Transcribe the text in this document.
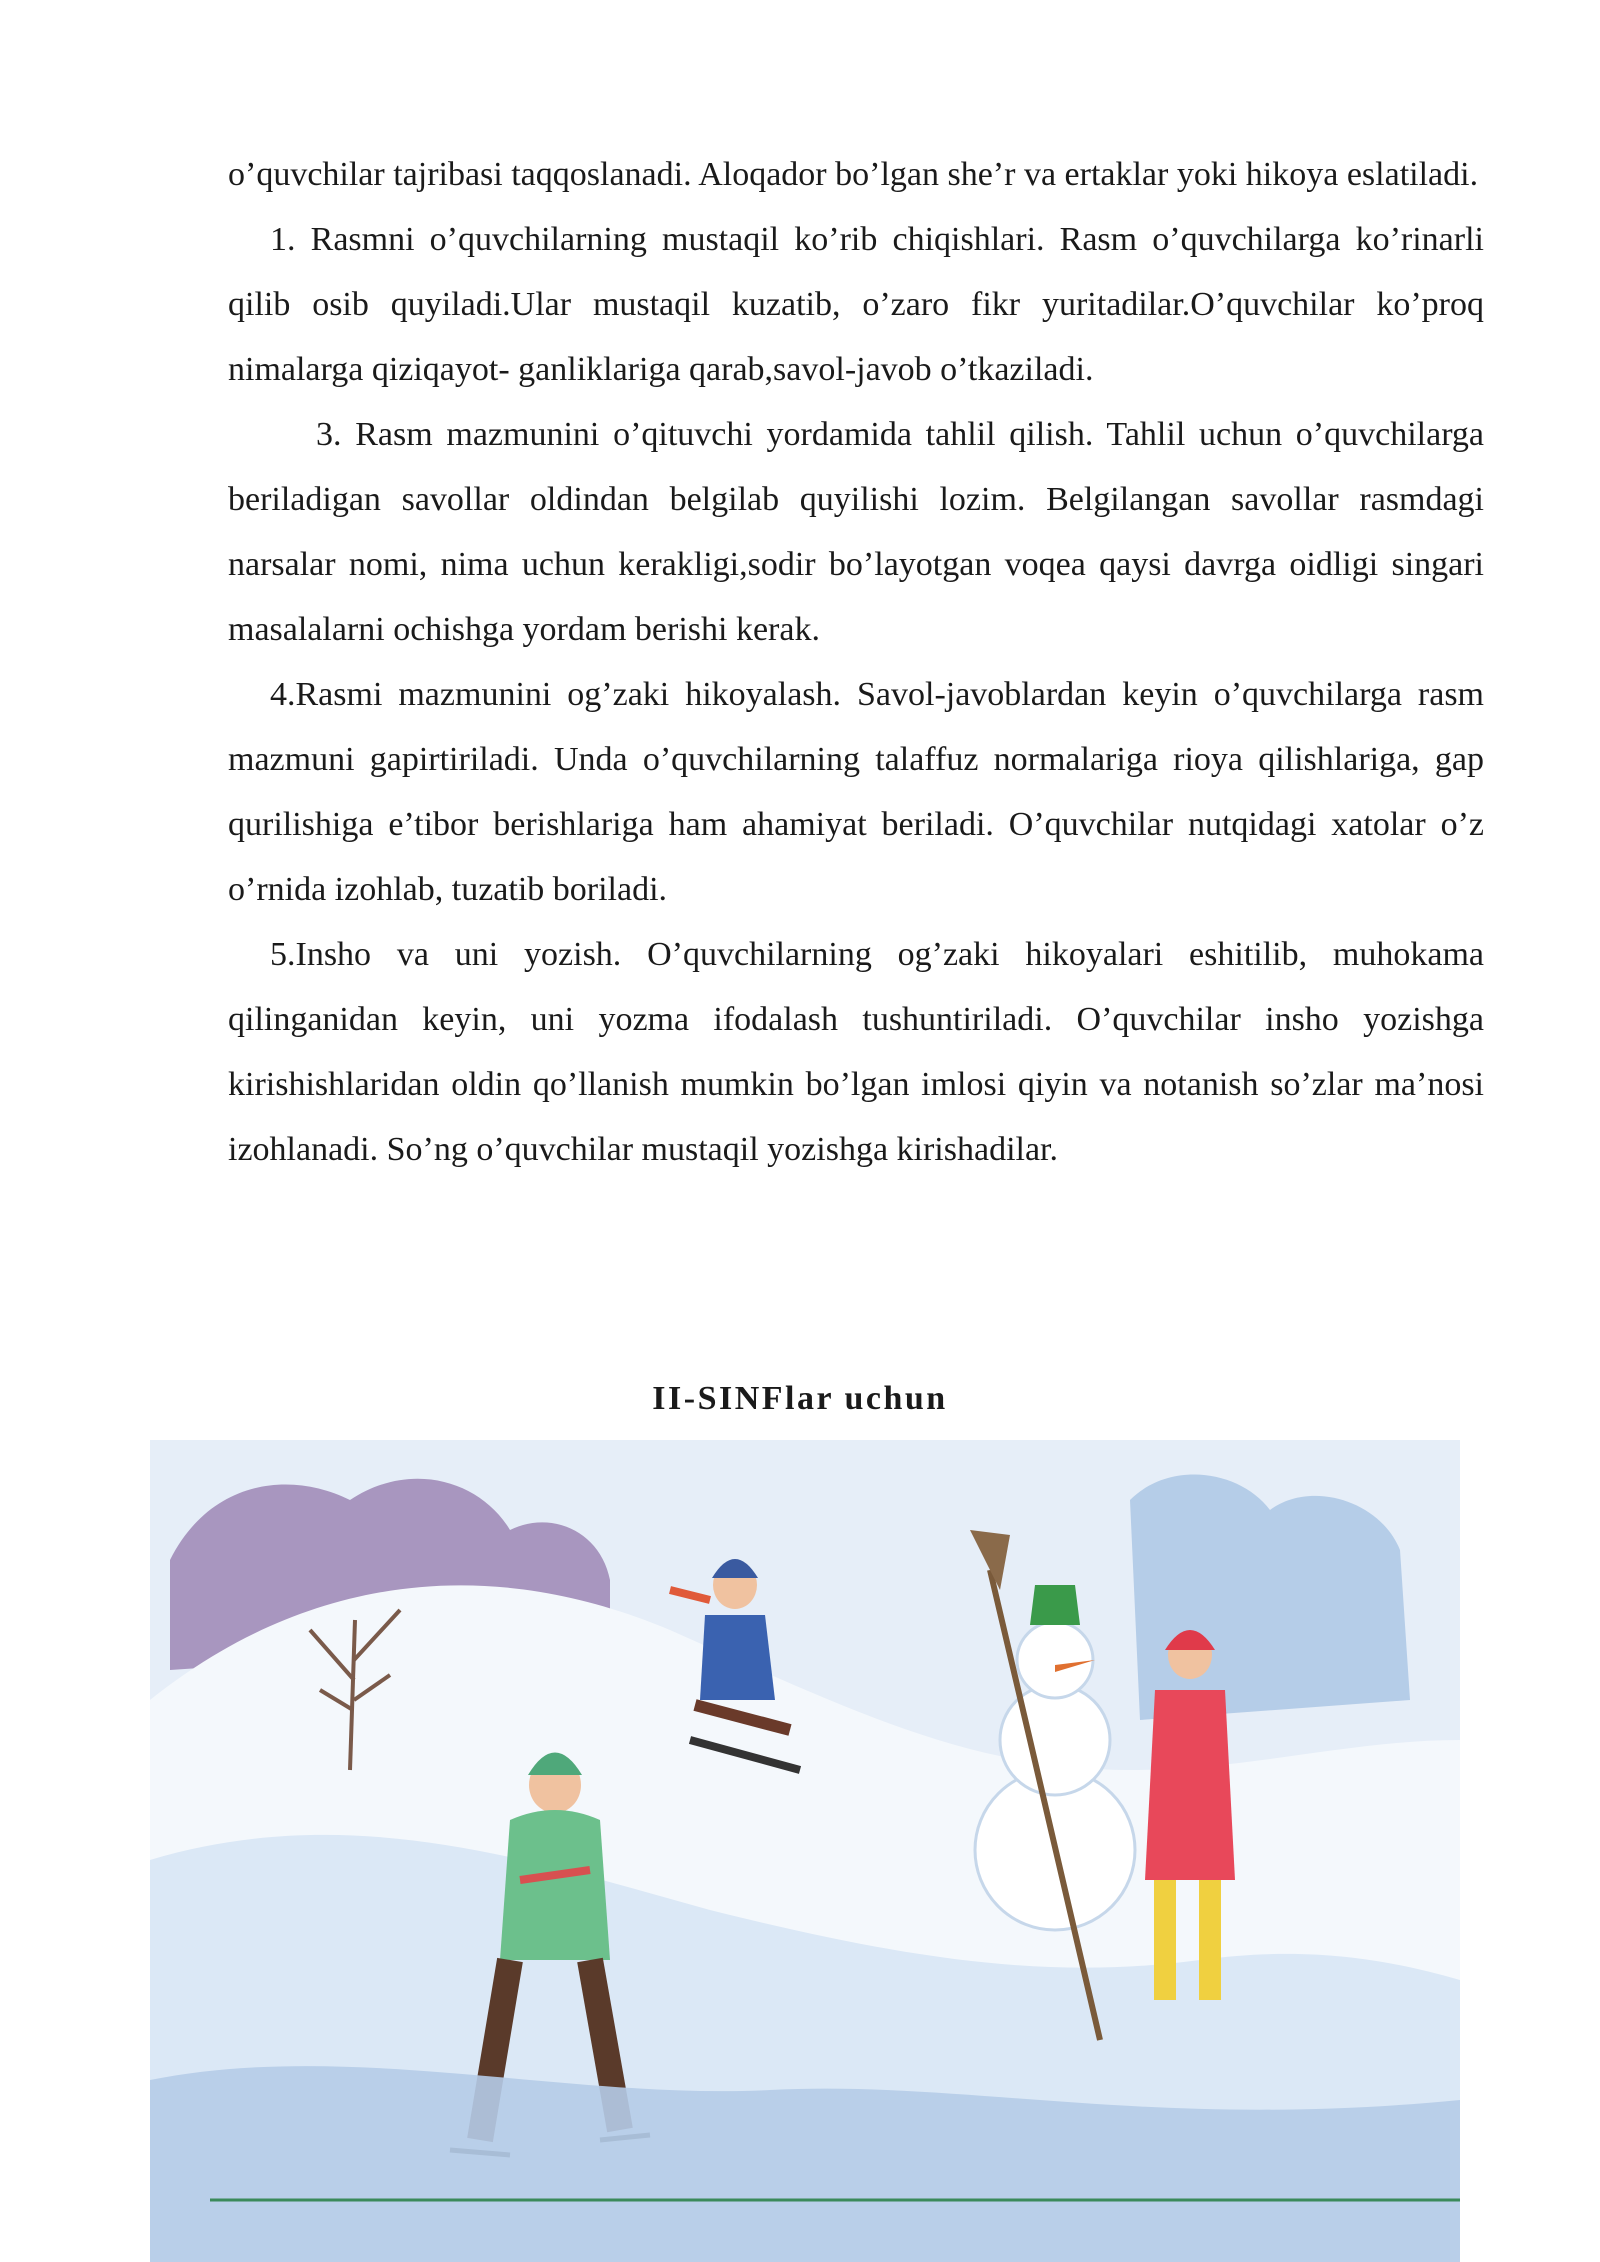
o’quvchilar tajribasi taqqoslanadi. Aloqador bo’lgan she’r va ertaklar yoki hikoya eslatiladi.

1. Rasmni o’quvchilarning mustaqil ko’rib chiqishlari. Rasm o’quvchilarga ko’rinarli qilib osib quyiladi.Ular mustaqil kuzatib, o’zaro fikr yuritadilar.O’quvchilar ko’proq nimalarga qiziqayot- ganliklariga qarab,savol-javob o’tkaziladi.

3. Rasm mazmunini o’qituvchi yordamida tahlil qilish. Tahlil uchun o’quvchilarga beriladigan savollar oldindan belgilab quyilishi lozim. Belgilangan savollar rasmdagi narsalar nomi, nima uchun kerakligi,sodir bo’layotgan voqea qaysi davrga oidligi singari masalalarni ochishga yordam berishi kerak.

4.Rasmi mazmunini og’zaki hikoyalash. Savol-javoblardan keyin o’quvchilarga rasm mazmuni gapirtiriladi. Unda o’quvchilarning talaffuz normalariga rioya qilishlariga, gap qurilishiga e’tibor berishlariga ham ahamiyat beriladi. O’quvchilar nutqidagi xatolar o’z o’rnida izohlab, tuzatib boriladi.

5.Insho va uni yozish. O’quvchilarning og’zaki hikoyalari eshitilib, muhokama qilinganidan keyin, uni yozma ifodalash tushuntiriladi. O’quvchilar insho yozishga kirishishlaridan oldin qo’llanish mumkin bo’lgan imlosi qiyin va notanish so’zlar ma’nosi izohlanadi. So’ng o’quvchilar mustaqil yozishga kirishadilar.

II-SINFlar uchun
